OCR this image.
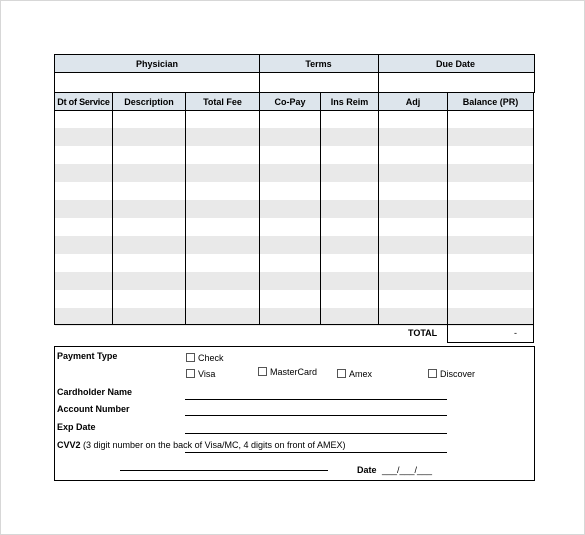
Physician	Terms	Due Date
Dt of Service	Description	Total Fee	Co-Pay	Ins Reim	Adj	Balance (PR)
TOTAL	-
Payment Type	Check
Visa	MasterCard	Amex	Discover
Cardholder Name
Account Number
Exp Date
CVV2 (3 digit number on the back of Visa/MC, 4 digits on front of AMEX)
Date ___/___/___
